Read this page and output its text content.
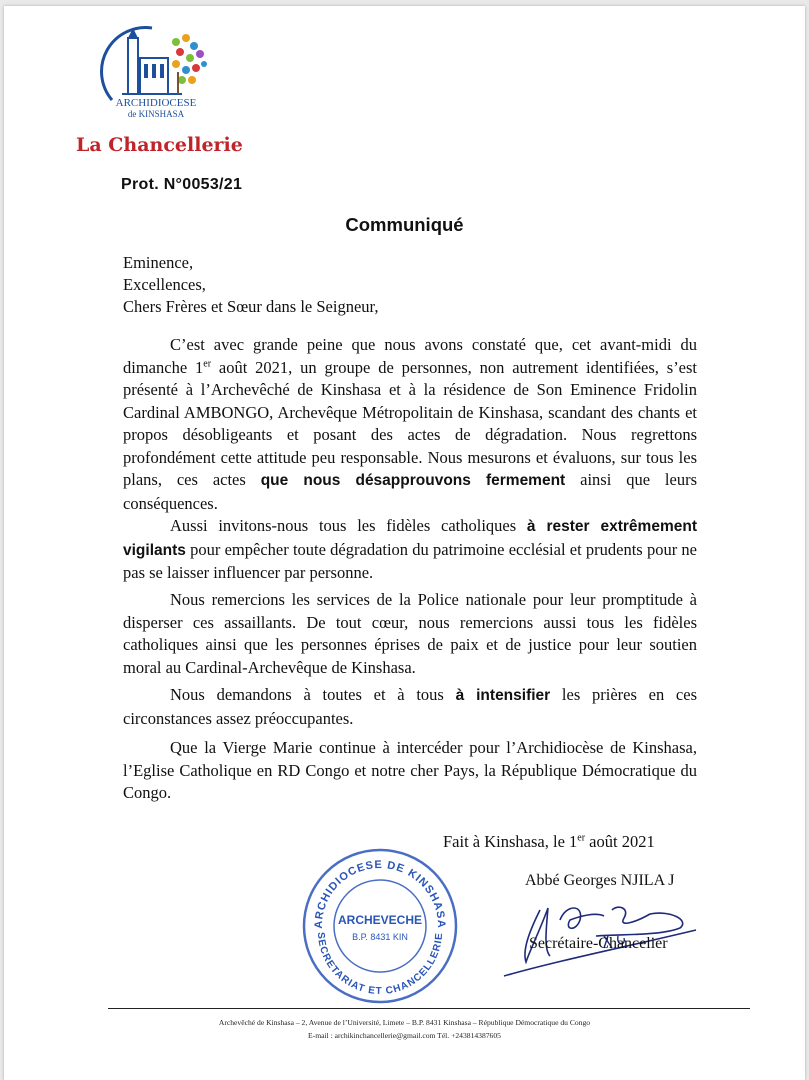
ARCHIDIOCESE
de KINSHASA
La Chancellerie
Prot. N°0053/21
Communiqué
Eminence,
Excellences,
Chers Frères et Sœur dans le Seigneur,

C’est avec grande peine que nous avons constaté que, cet avant-midi du dimanche 1er août 2021, un groupe de personnes, non autrement identifiées, s’est présenté à l’Archevêché de Kinshasa et à la résidence de Son Eminence Fridolin Cardinal AMBONGO, Archevêque Métropolitain de Kinshasa, scandant des chants et propos désobligeants et posant des actes de dégradation. Nous regrettons profondément cette attitude peu responsable. Nous mesurons et évaluons, sur tous les plans, ces actes que nous désapprouvons fermement ainsi que leurs conséquences.

Aussi invitons-nous tous les fidèles catholiques à rester extrêmement vigilants pour empêcher toute dégradation du patrimoine ecclésial et prudents pour ne pas se laisser influencer par personne.

Nous remercions les services de la Police nationale pour leur promptitude à disperser ces assaillants. De tout cœur, nous remercions aussi tous les fidèles catholiques ainsi que les personnes éprises de paix et de justice pour leur soutien moral au Cardinal-Archevêque de Kinshasa.

Nous demandons à toutes et à tous à intensifier les prières en ces circonstances assez préoccupantes.

Que la Vierge Marie continue à intercéder pour l’Archidiocèse de Kinshasa, l’Eglise Catholique en RD Congo et notre cher Pays, la République Démocratique du Congo.

Fait à Kinshasa, le 1er août 2021
Abbé Georges NJILA J
ARCHIDIOCESE DE KINSHASA
SECRETARIAT ET CHANCELLERIE
ARCHEVECHE
B.P. 8431 KIN	Secrétaire-Chancelier
Archevêché de Kinshasa – 2, Avenue de l’Université, Limete – B.P. 8431 Kinshasa – République Démocratique du Congo
E-mail : archikinchancellerie@gmail.com Tél. +243814387605
